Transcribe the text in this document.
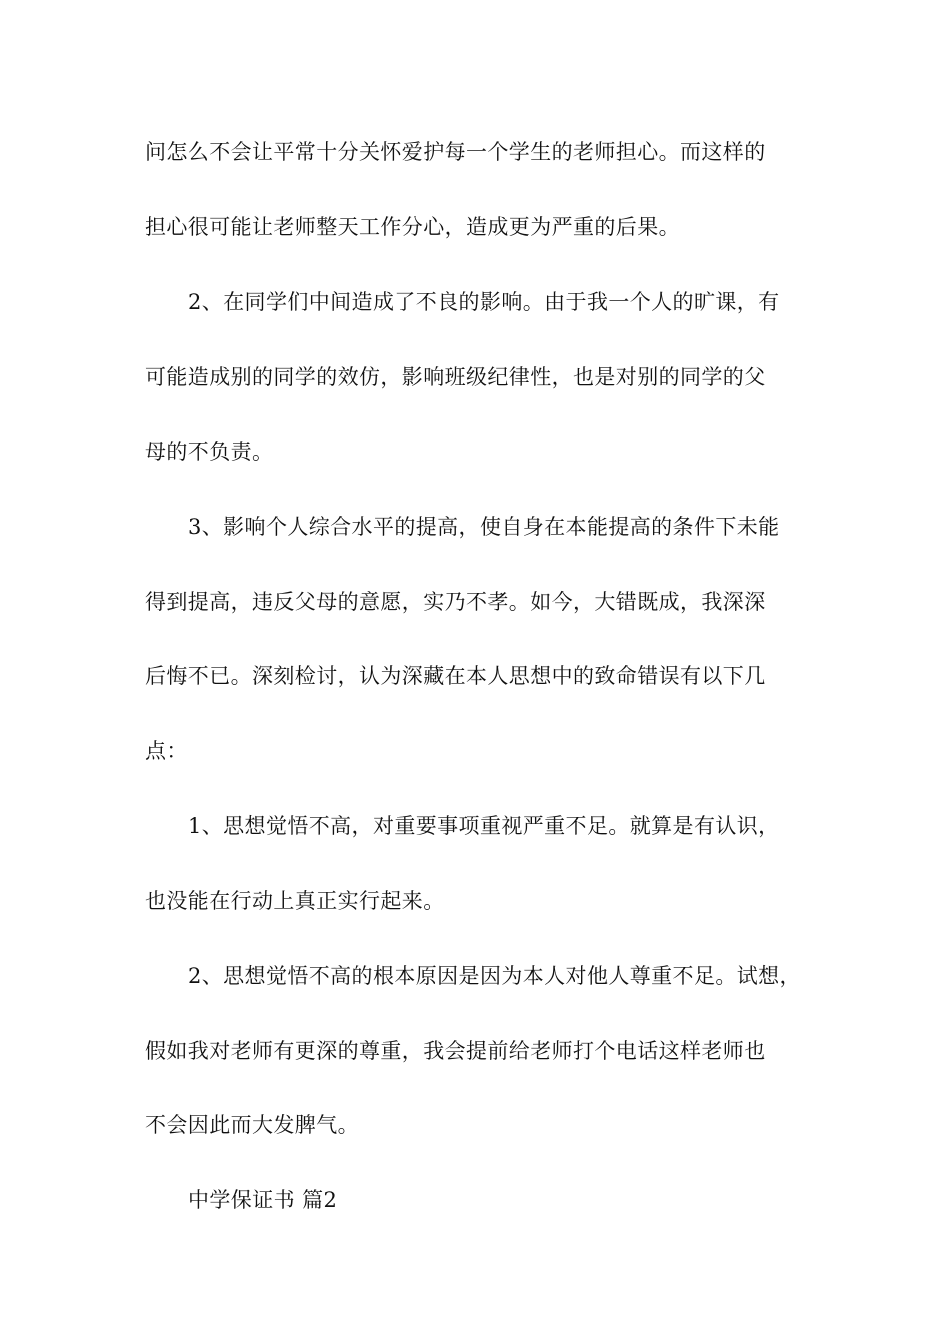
问怎么不会让平常十分关怀爱护每一个学生的老师担心。而这样的
担心很可能让老师整天工作分心，造成更为严重的后果。
2、在同学们中间造成了不良的影响。由于我一个人的旷课，有
可能造成别的同学的效仿，影响班级纪律性，也是对别的同学的父
母的不负责。
3、影响个人综合水平的提高，使自身在本能提高的条件下未能
得到提高，违反父母的意愿，实乃不孝。如今，大错既成，我深深
后悔不已。深刻检讨，认为深藏在本人思想中的致命错误有以下几
点：
1、思想觉悟不高，对重要事项重视严重不足。就算是有认识，
也没能在行动上真正实行起来。
2、思想觉悟不高的根本原因是因为本人对他人尊重不足。试想，
假如我对老师有更深的尊重，我会提前给老师打个电话这样老师也
不会因此而大发脾气。
中学保证书 篇2
